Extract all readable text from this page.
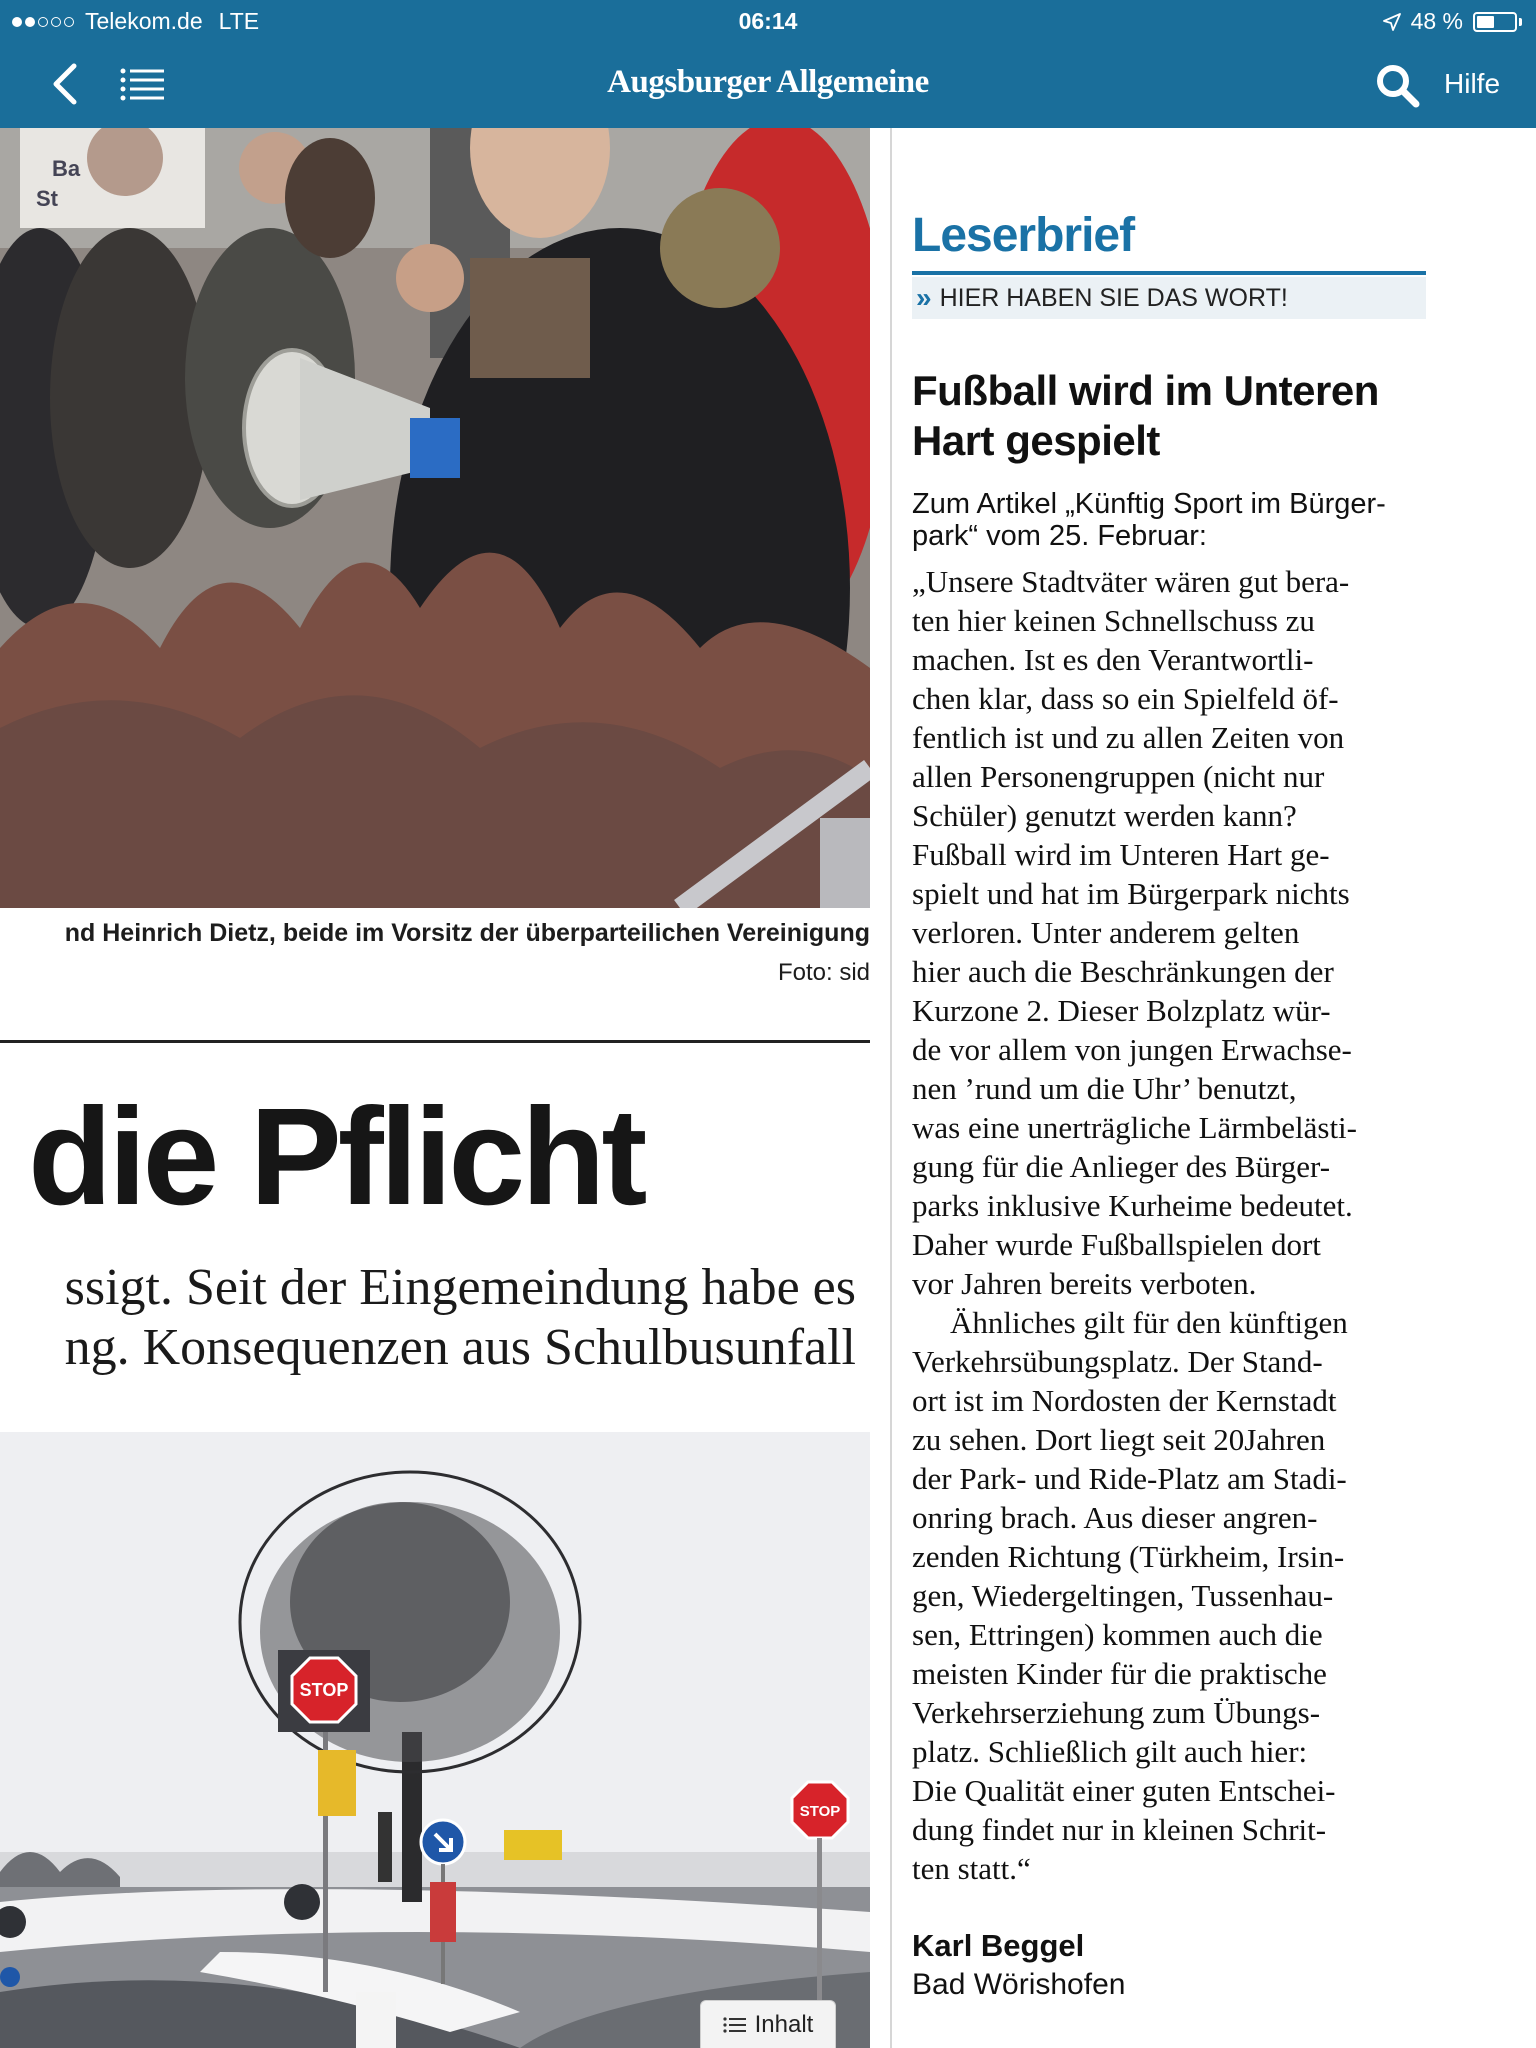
Telekom.de LTE	06:14	48 %
Augsburger Allgemeine	Hilfe
Ba
St
nd Heinrich Dietz, beide im Vorsitz der überparteilichen Vereinigung
Foto: sid
die Pflicht
ssigt. Seit der Eingemeindung habe es
ng. Konsequenzen aus Schulbusunfall
STOP
STOP
Inhalt
Leserbrief
» HIER HABEN SIE DAS WORT!
Fußball wird im Unteren
Hart gespielt
Zum Artikel „Künftig Sport im Bürger-
park“ vom 25. Februar:
„Unsere Stadtväter wären gut bera-
ten hier keinen Schnellschuss zu
machen. Ist es den Verantwortli-
chen klar, dass so ein Spielfeld öf-
fentlich ist und zu allen Zeiten von
allen Personengruppen (nicht nur
Schüler) genutzt werden kann?
Fußball wird im Unteren Hart ge-
spielt und hat im Bürgerpark nichts
verloren. Unter anderem gelten
hier auch die Beschränkungen der
Kurzone 2. Dieser Bolzplatz wür-
de vor allem von jungen Erwachse-
nen ’rund um die Uhr’ benutzt,
was eine unerträgliche Lärmbelästi-
gung für die Anlieger des Bürger-
parks inklusive Kurheime bedeutet.
Daher wurde Fußballspielen dort
vor Jahren bereits verboten.
Ähnliches gilt für den künftigen
Verkehrsübungsplatz. Der Stand-
ort ist im Nordosten der Kernstadt
zu sehen. Dort liegt seit 20Jahren
der Park- und Ride-Platz am Stadi-
onring brach. Aus dieser angren-
zenden Richtung (Türkheim, Irsin-
gen, Wiedergeltingen, Tussenhau-
sen, Ettringen) kommen auch die
meisten Kinder für die praktische
Verkehrserziehung zum Übungs-
platz. Schließlich gilt auch hier:
Die Qualität einer guten Entschei-
dung findet nur in kleinen Schrit-
ten statt.“
Karl Beggel
Bad Wörishofen
